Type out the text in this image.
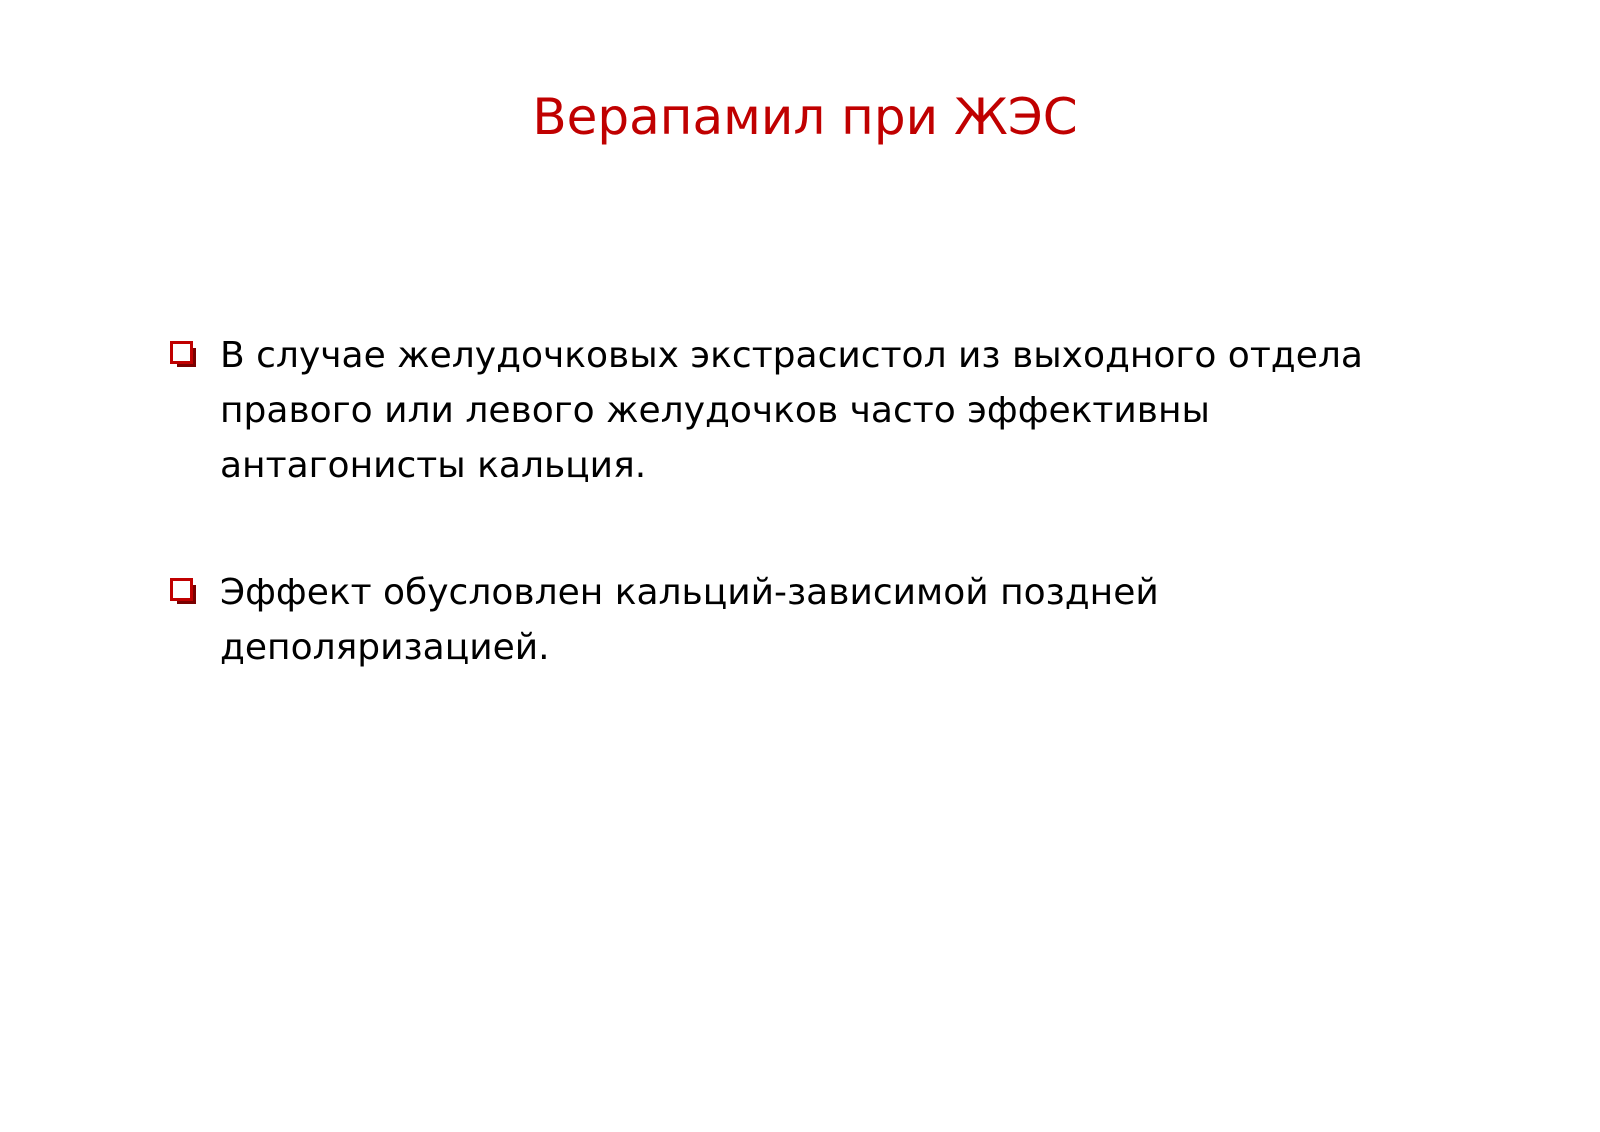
Верапамил при ЖЭС
В случае желудочковых экстрасистол из выходного отдела правого или левого желудочков часто эффективны антагонисты кальция.
Эффект обусловлен кальций-зависимой поздней деполяризацией.
